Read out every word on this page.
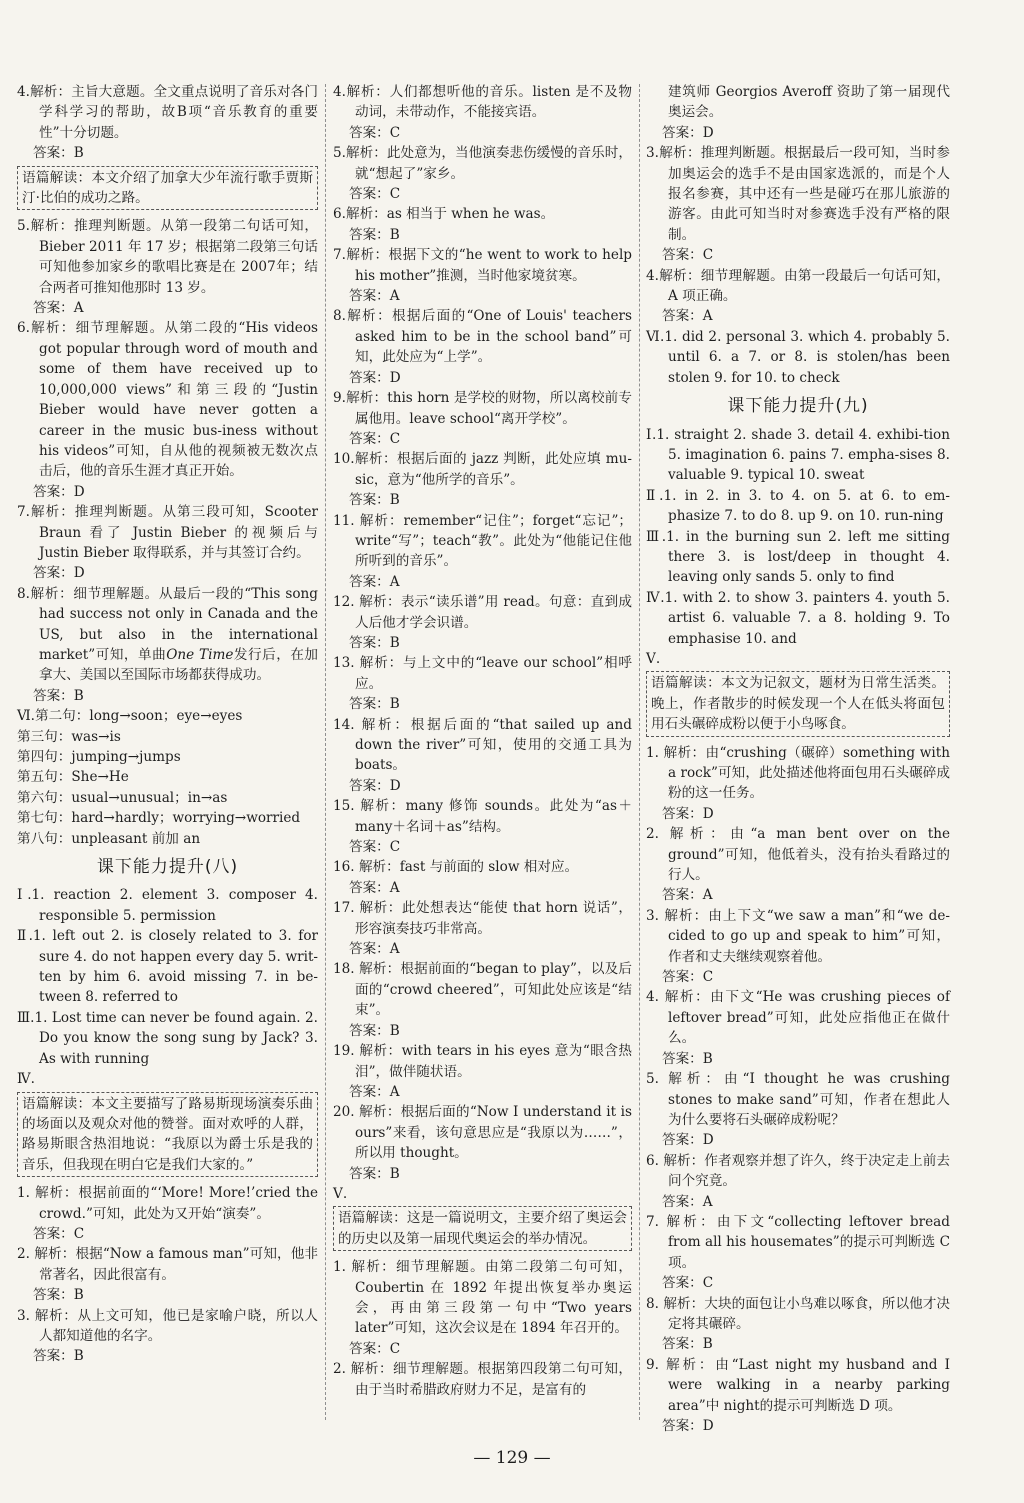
4.解析：主旨大意题。全文重点说明了音乐对各门学科学习的帮助，故B项“音乐教育的重要性”十分切题。

答案：B

语篇解读：本文介绍了加拿大少年流行歌手贾斯汀·比伯的成功之路。

5.解析：推理判断题。从第一段第二句话可知，Bieber 2011 年 17 岁；根据第二段第三句话可知他参加家乡的歌唱比赛是在 2007年；结合两者可推知他那时 13 岁。

答案：A

6.解析：细节理解题。从第二段的“His videos got popular through word of mouth and some of them have received up to 10,000,000 views”和第三段的“Justin Bieber would have never gotten a career in the music bus-iness without his videos”可知，自从他的视频被无数次点击后，他的音乐生涯才真正开始。

答案：D

7.解析：推理判断题。从第三段可知，Scooter Braun 看了 Justin Bieber 的视频后与 Justin Bieber 取得联系，并与其签订合约。

答案：D

8.解析：细节理解题。从最后一段的“This song had success not only in Canada and the US, but also in the international market”可知，单曲One Time发行后，在加拿大、美国以至国际市场都获得成功。

答案：B

Ⅵ.第二句：long→soon；eye→eyes

第三句：was→is

第四句：jumping→jumps

第五句：She→He

第六句：usual→unusual；in→as

第七句：hard→hardly；worrying→worried

第八句：unpleasant 前加 an

课下能力提升(八)

Ⅰ.1. reaction 2. element 3. composer 4. responsible 5. permission

Ⅱ.1. left out 2. is closely related to 3. for sure 4. do not happen every day 5. writ-ten by him 6. avoid missing 7. in be-tween 8. referred to

Ⅲ.1. Lost time can never be found again. 2. Do you know the song sung by Jack? 3. As with running

Ⅳ.

语篇解读：本文主要描写了路易斯现场演奏乐曲的场面以及观众对他的赞誉。面对欢呼的人群，路易斯眼含热泪地说：“我原以为爵士乐是我的音乐，但我现在明白它是我们大家的。”

1. 解析：根据前面的“‘More! More!’cried the crowd.”可知，此处为又开始“演奏”。

答案：C

2. 解析：根据“Now a famous man”可知，他非常著名，因此很富有。

答案：B

3. 解析：从上文可知，他已是家喻户晓，所以人人都知道他的名字。

答案：B

4.解析：人们都想听他的音乐。listen 是不及物动词，未带动作，不能接宾语。

答案：C

5.解析：此处意为，当他演奏悲伤缓慢的音乐时，就“想起了”家乡。

答案：C

6.解析：as 相当于 when he was。

答案：B

7.解析：根据下文的“he went to work to help his mother”推测，当时他家境贫寒。

答案：A

8.解析：根据后面的“One of Louis' teachers asked him to be in the school band”可知，此处应为“上学”。

答案：D

9.解析：this horn 是学校的财物，所以离校前专属他用。leave school“离开学校”。

答案：C

10.解析：根据后面的 jazz 判断，此处应填 mu-sic，意为“他所学的音乐”。

答案：B

11. 解析：remember“记住”；forget“忘记”；write“写”；teach“教”。此处为“他能记住他所听到的音乐”。

答案：A

12. 解析：表示“读乐谱”用 read。句意：直到成人后他才学会识谱。

答案：B

13. 解析：与上文中的“leave our school”相呼应。

答案：B

14. 解析：根据后面的“that sailed up and down the river”可知，使用的交通工具为 boats。

答案：D

15. 解析：many 修饰 sounds。此处为“as＋many＋名词＋as”结构。

答案：C

16. 解析：fast 与前面的 slow 相对应。

答案：A

17. 解析：此处想表达“能使 that horn 说话”，形容演奏技巧非常高。

答案：A

18. 解析：根据前面的“began to play”，以及后面的“crowd cheered”，可知此处应该是“结束”。

答案：B

19. 解析：with tears in his eyes 意为“眼含热泪”，做伴随状语。

答案：A

20. 解析：根据后面的“Now I understand it is ours”来看，该句意思应是“我原以为……”，所以用 thought。

答案：B

Ⅴ.

语篇解读：这是一篇说明文，主要介绍了奥运会的历史以及第一届现代奥运会的举办情况。

1. 解析：细节理解题。由第二段第二句可知，Coubertin 在 1892 年提出恢复举办奥运会，再由第三段第一句中“Two years later”可知，这次会议是在 1894 年召开的。

答案：C

2. 解析：细节理解题。根据第四段第二句可知，由于当时希腊政府财力不足，是富有的

建筑师 Georgios Averoff 资助了第一届现代奥运会。

答案：D

3.解析：推理判断题。根据最后一段可知，当时参加奥运会的选手不是由国家选派的，而是个人报名参赛，其中还有一些是碰巧在那儿旅游的游客。由此可知当时对参赛选手没有严格的限制。

答案：C

4.解析：细节理解题。由第一段最后一句话可知，A 项正确。

答案：A

Ⅵ.1. did 2. personal 3. which 4. probably 5. until 6. a 7. or 8. is stolen/has been stolen 9. for 10. to check

课下能力提升(九)

Ⅰ.1. straight 2. shade 3. detail 4. exhibi-tion 5. imagination 6. pains 7. empha-sises 8. valuable 9. typical 10. sweat

Ⅱ.1. in 2. in 3. to 4. on 5. at 6. to em-phasize 7. to do 8. up 9. on 10. run-ning

Ⅲ.1. in the burning sun 2. left me sitting there 3. is lost/deep in thought 4. leaving only sands 5. only to find

Ⅳ.1. with 2. to show 3. painters 4. youth 5. artist 6. valuable 7. a 8. holding 9. To emphasise 10. and

Ⅴ.

语篇解读：本文为记叙文，题材为日常生活类。晚上，作者散步的时候发现一个人在低头将面包用石头碾碎成粉以便于小鸟啄食。

1. 解析：由“crushing（碾碎）something with a rock”可知，此处描述他将面包用石头碾碎成粉的这一任务。

答案：D

2. 解析：由“a man bent over on the ground”可知，他低着头，没有抬头看路过的行人。

答案：A

3. 解析：由上下文“we saw a man”和“we de-cided to go up and speak to him”可知，作者和丈夫继续观察着他。

答案：C

4. 解析：由下文“He was crushing pieces of leftover bread”可知，此处应指他正在做什么。

答案：B

5. 解析：由“I thought he was crushing stones to make sand”可知，作者在想此人为什么要将石头碾碎成粉呢？

答案：D

6. 解析：作者观察并想了许久，终于决定走上前去问个究竟。

答案：A

7. 解析：由下文“collecting leftover bread from all his housemates”的提示可判断选 C 项。

答案：C

8. 解析：大块的面包让小鸟难以啄食，所以他才决定将其碾碎。

答案：B

9. 解析：由“Last night my husband and I were walking in a nearby parking area”中 night的提示可判断选 D 项。

答案：D

— 129 —
